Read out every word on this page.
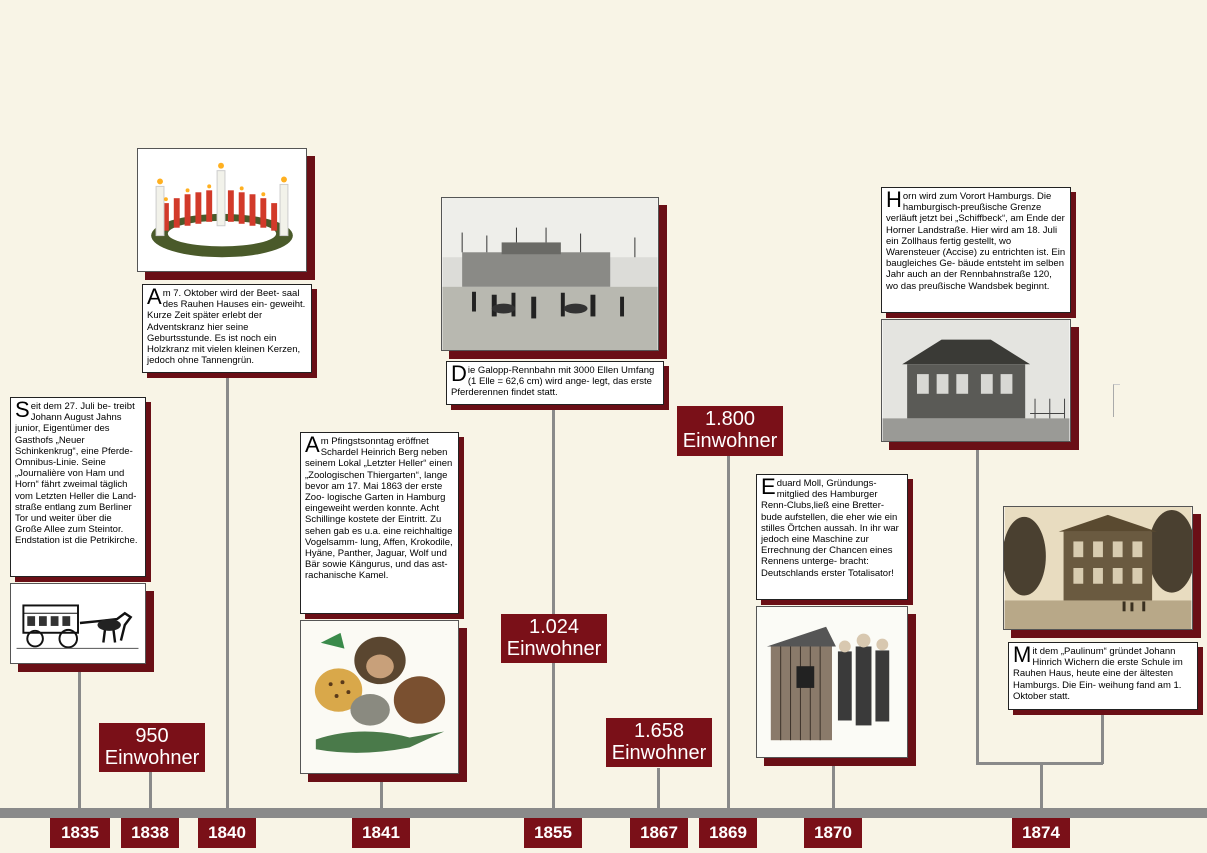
1835	1838	1840	1841	1855	1867	1869	1870	1874
950
Einwohner
1.024
Einwohner
1.658
Einwohner
1.800
Einwohner
Seit dem 27. Juli be- treibt Johann August Jahns junior, Eigentümer des Gasthofs „Neuer Schinkenkrug“, eine Pferde-Omnibus-Linie. Seine „Journalière von Ham und Horn“ fährt zweimal täglich vom Letzten Heller die Land- straße entlang zum Berliner Tor und weiter über die Große Allee zum Steintor. Endstation ist die Petrikirche.
Am 7. Oktober wird der Beet- saal des Rauhen Hauses ein- geweiht. Kurze Zeit später erlebt der Adventskranz hier seine Geburtsstunde. Es ist noch ein Holzkranz mit vielen kleinen Kerzen, jedoch ohne Tannengrün.
Am Pfingstsonntag eröffnet Schardel Heinrich Berg neben seinem Lokal „Letzter Heller“ einen „Zoologischen Thiergarten“, lange bevor am 17. Mai 1863 der erste Zoo- logische Garten in Hamburg eingeweiht werden konnte. Acht Schillinge kostete der Eintritt. Zu sehen gab es u.a. eine reichhaltige Vogelsamm- lung, Affen, Krokodile, Hyäne, Panther, Jaguar, Wolf und Bär sowie Kängurus, und das ast- rachanische Kamel.
Die Galopp-Rennbahn mit 3000 Ellen Umfang (1 Elle = 62,6 cm) wird ange- legt, das erste Pferderennen findet statt.
Eduard Moll, Gründungs- mitglied des Hamburger Renn-Clubs,ließ eine Bretter- bude aufstellen, die eher wie ein stilles Örtchen aussah. In ihr war jedoch eine Maschine zur Errechnung der Chancen eines Rennens unterge- bracht: Deutschlands erster Totalisator!
Horn wird zum Vorort Hamburgs. Die hamburgisch-preußische Grenze verläuft jetzt bei „Schiffbeck“, am Ende der Horner Landstraße. Hier wird am 18. Juli ein Zollhaus fertig gestellt, wo Warensteuer (Accise) zu entrichten ist. Ein baugleiches Ge- bäude entsteht im selben Jahr auch an der Rennbahnstraße 120, wo das preußische Wandsbek beginnt.
Mit dem „Paulinum“ gründet Johann Hinrich Wichern die erste Schule im Rauhen Haus, heute eine der ältesten Hamburgs. Die Ein- weihung fand am 1. Oktober statt.
